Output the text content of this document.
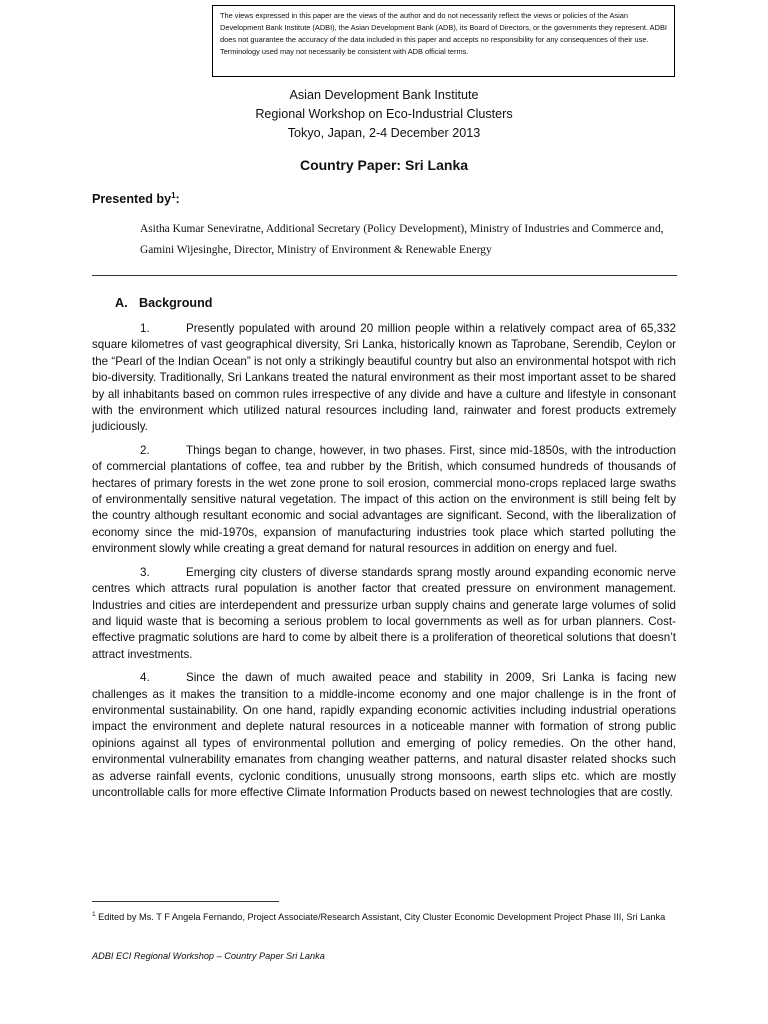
The views expressed in this paper are the views of the author and do not necessarily reflect the views or policies of the Asian Development Bank Institute (ADBI), the Asian Development Bank (ADB), its Board of Directors, or the governments they represent. ADBI does not guarantee the accuracy of the data included in this paper and accepts no responsibility for any consequences of their use. Terminology used may not necessarily be consistent with ADB official terms.
Asian Development Bank Institute
Regional Workshop on Eco-Industrial Clusters
Tokyo, Japan, 2-4 December 2013
Country Paper: Sri Lanka
Presented $by^1$:

Asitha Kumar Seneviratne, Additional Secretary (Policy Development), Ministry of Industries and Commerce and,

Gamini Wijesinghe, Director, Ministry of Environment & Renewable Energy

A. Background

1.	Presently populated with around 20 million people within a relatively compact area of 65,332 square kilometres of vast geographical diversity, Sri Lanka, historically known as Taprobane, Serendib, Ceylon or the “Pearl of the Indian Ocean” is not only a strikingly beautiful country but also an environmental hotspot with rich bio-diversity. Traditionally, Sri Lankans treated the natural environment as their most important asset to be shared by all inhabitants based on common rules irrespective of any divide and have a culture and lifestyle in consonant with the environment which utilized natural resources including land, rainwater and forest products extremely judiciously.

2.	Things began to change, however, in two phases. First, since mid-1850s, with the introduction of commercial plantations of coffee, tea and rubber by the British, which consumed hundreds of thousands of hectares of primary forests in the wet zone prone to soil erosion, commercial mono-crops replaced large swaths of environmentally sensitive natural vegetation. The impact of this action on the environment is still being felt by the country although resultant economic and social advantages are significant. Second, with the liberalization of economy since the mid-1970s, expansion of manufacturing industries took place which started polluting the environment slowly while creating a great demand for natural resources in addition on energy and fuel.

3.	Emerging city clusters of diverse standards sprang mostly around expanding economic nerve centres which attracts rural population is another factor that created pressure on environment management. Industries and cities are interdependent and pressurize urban supply chains and generate large volumes of solid and liquid waste that is becoming a serious problem to local governments as well as for urban planners. Cost-effective pragmatic solutions are hard to come by albeit there is a proliferation of theoretical solutions that doesn’t attract investments.

4.	Since the dawn of much awaited peace and stability in 2009, Sri Lanka is facing new challenges as it makes the transition to a middle-income economy and one major challenge is in the front of environmental sustainability. On one hand, rapidly expanding economic activities including industrial operations impact the environment and deplete natural resources in a noticeable manner with formation of strong public opinions against all types of environmental pollution and emerging of policy remedies. On the other hand, environmental vulnerability emanates from changing weather patterns, and natural disaster related shocks such as adverse rainfall events, cyclonic conditions, unusually strong monsoons, earth slips etc. which are mostly uncontrollable calls for more effective Climate Information Products based on newest technologies that are costly.

$^1$ Edited by Ms. T F Angela Fernando, Project Associate/Research Assistant, City Cluster Economic Development Project Phase III, Sri Lanka
ADBI ECI Regional Workshop – Country Paper Sri Lanka
